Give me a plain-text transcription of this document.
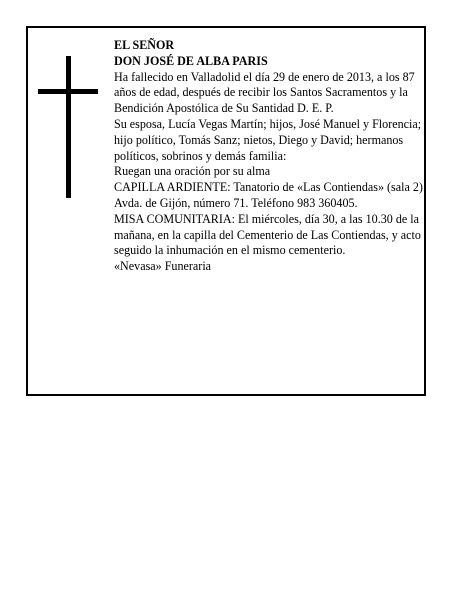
EL SEÑOR

DON JOSÉ DE ALBA PARIS

Ha fallecido en Valladolid el día 29 de enero de 2013, a los 87 años de edad, después de recibir los Santos Sacramentos y la Bendición Apostólica de Su Santidad D. E. P.

Su esposa, Lucía Vegas Martín; hijos, José Manuel y Florencia; hijo político, Tomás Sanz; nietos, Diego y David; hermanos políticos, sobrinos y demás familia:

Ruegan una oración por su alma

CAPILLA ARDIENTE: Tanatorio de «Las Contiendas» (sala 2). Avda. de Gijón, número 71. Teléfono 983 360405.

MISA COMUNITARIA: El miércoles, día 30, a las 10.30 de la mañana, en la capilla del Cementerio de Las Contiendas, y acto seguido la inhumación en el mismo cementerio.

«Nevasa» Funeraria
